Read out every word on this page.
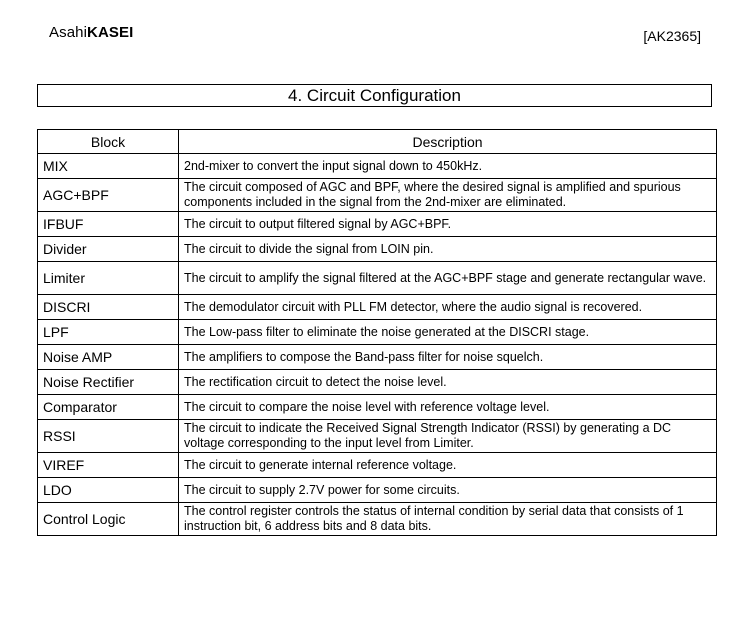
AsahiKASEI	[AK2365]
4. Circuit Configuration
Block	Description
MIX	2nd-mixer to convert the input signal down to 450kHz.
AGC+BPF	The circuit composed of AGC and BPF, where the desired signal is amplified and spurious components included in the signal from the 2nd-mixer are eliminated.
IFBUF	The circuit to output filtered signal by AGC+BPF.
Divider	The circuit to divide the signal from LOIN pin.
Limiter	The circuit to amplify the signal filtered at the AGC+BPF stage and generate rectangular wave.
DISCRI	The demodulator circuit with PLL FM detector, where the audio signal is recovered.
LPF	The Low-pass filter to eliminate the noise generated at the DISCRI stage.
Noise AMP	The amplifiers to compose the Band-pass filter for noise squelch.
Noise Rectifier	The rectification circuit to detect the noise level.
Comparator	The circuit to compare the noise level with reference voltage level.
RSSI	The circuit to indicate the Received Signal Strength Indicator (RSSI) by generating a DC voltage corresponding to the input level from Limiter.
VIREF	The circuit to generate internal reference voltage.
LDO	The circuit to supply 2.7V power for some circuits.
Control Logic	The control register controls the status of internal condition by serial data that consists of 1 instruction bit, 6 address bits and 8 data bits.
